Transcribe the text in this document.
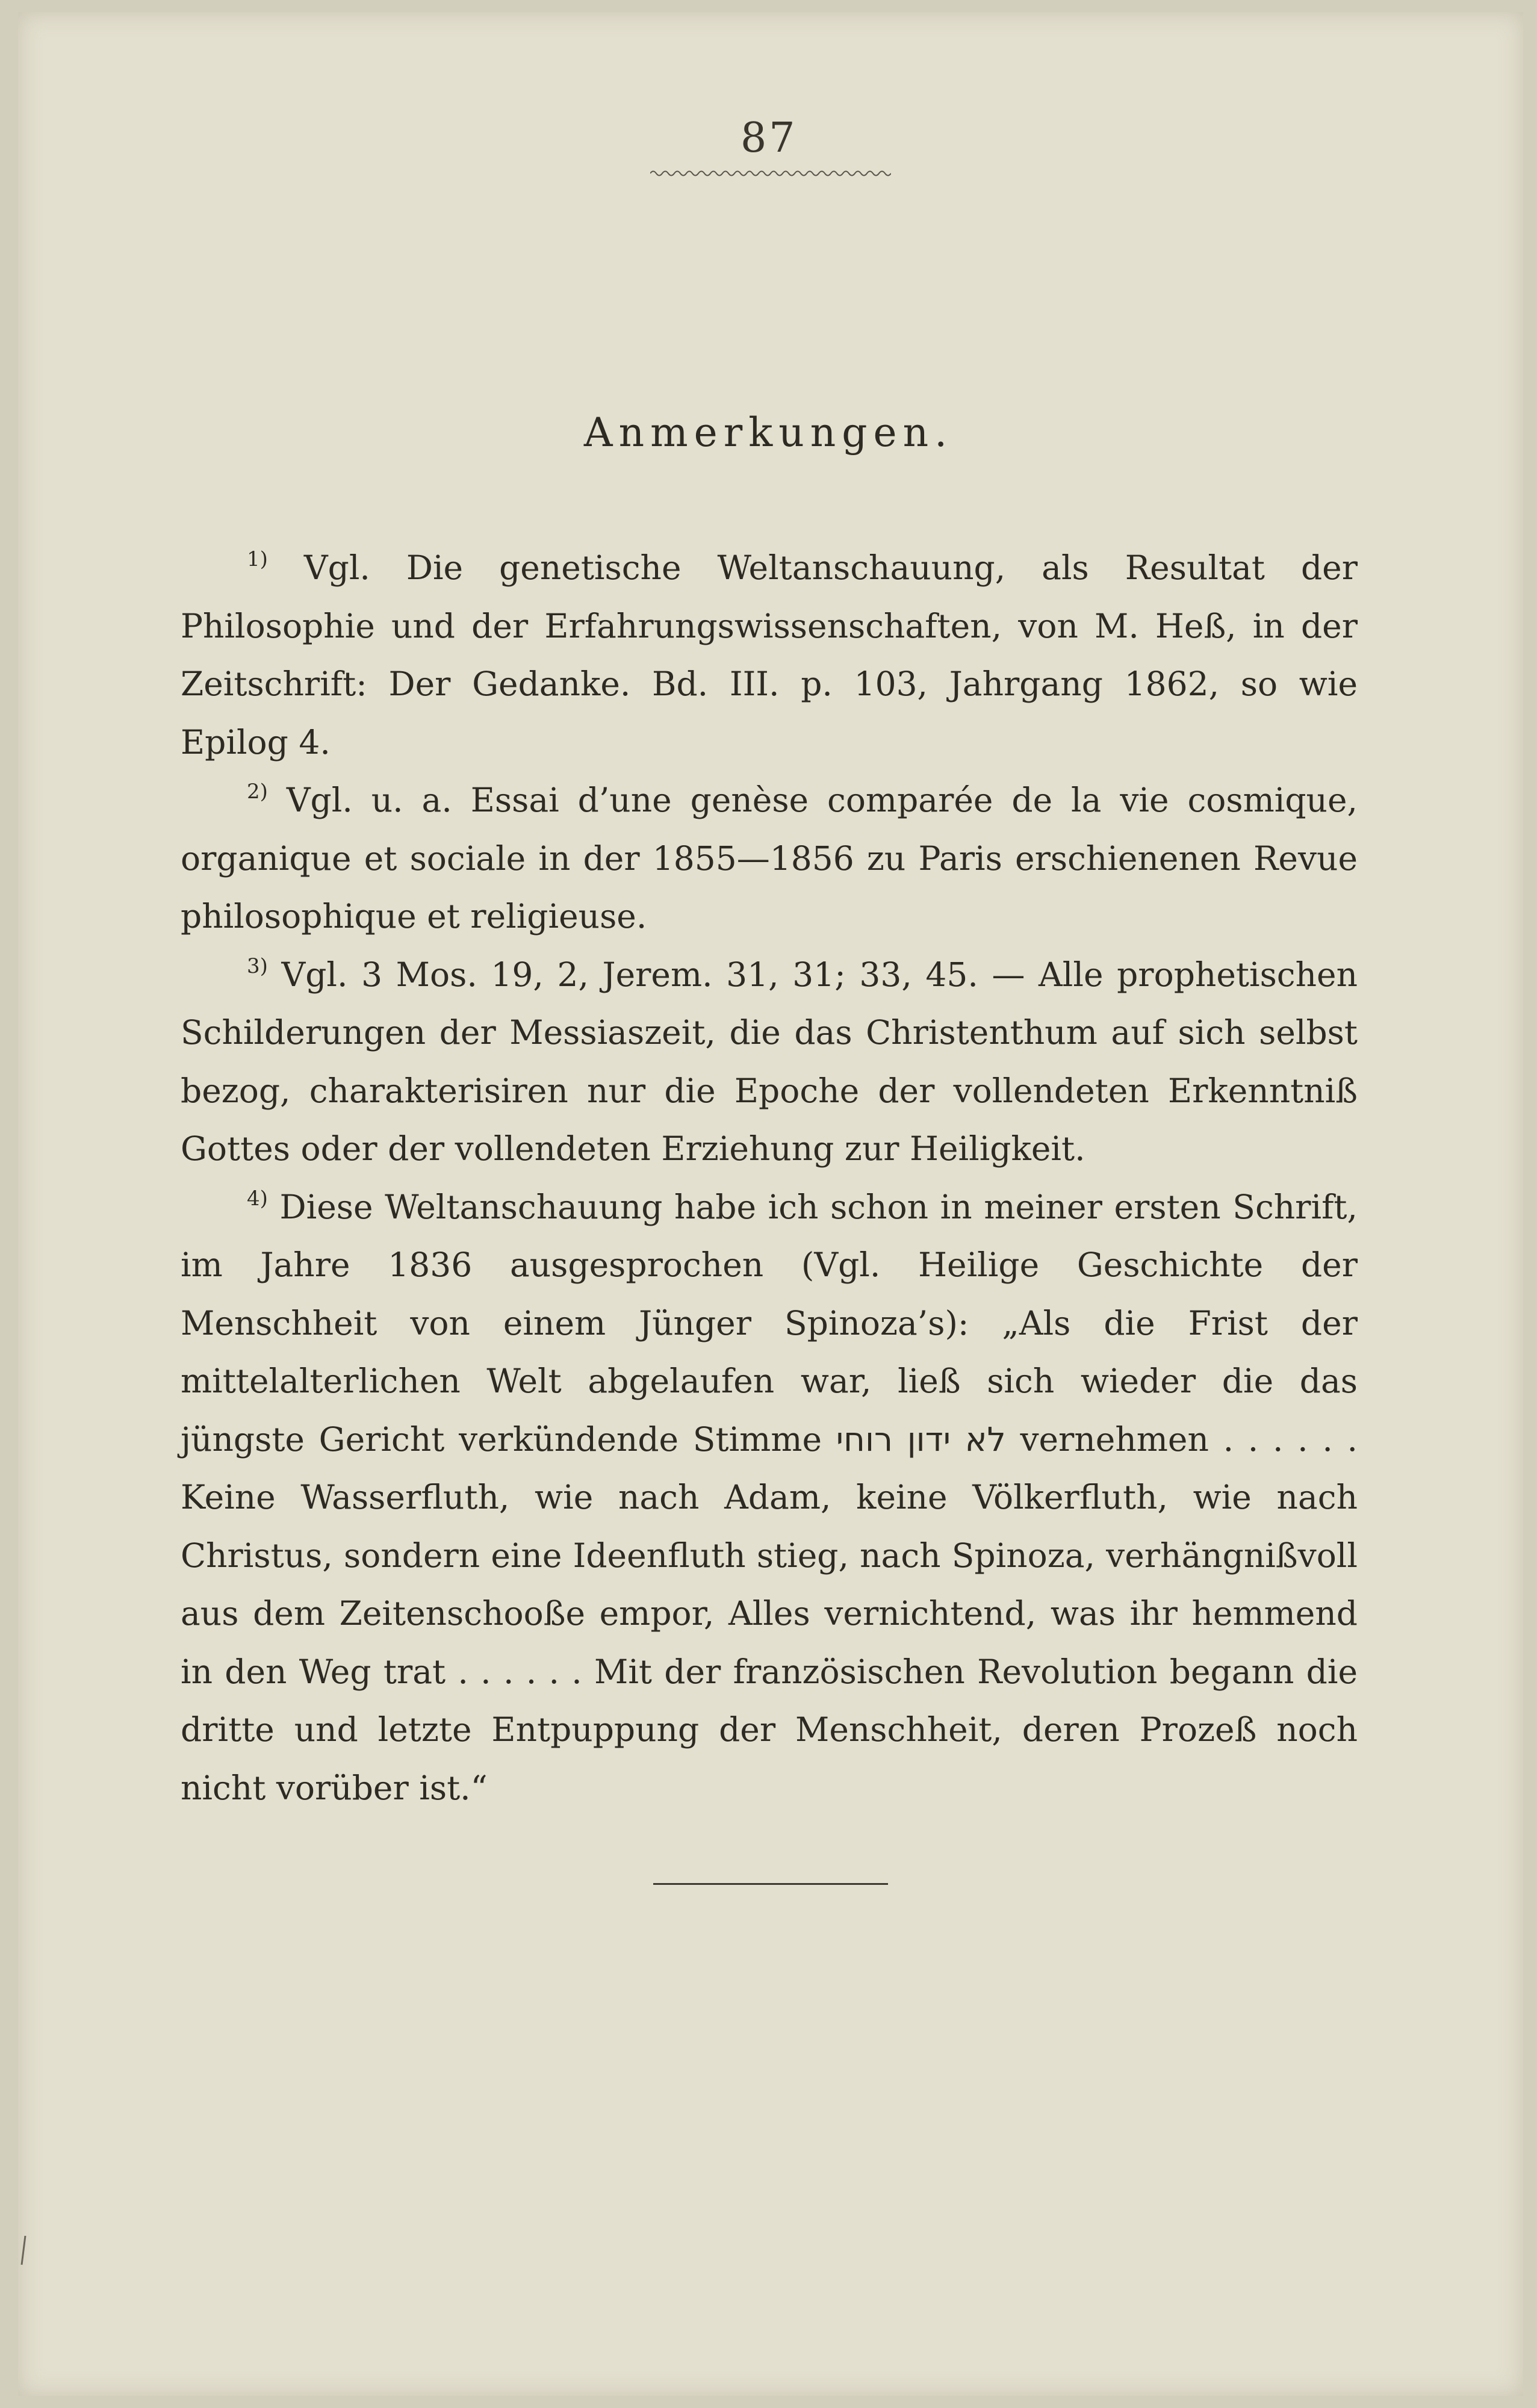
87
Anmerkungen.

$^{1)}$ Vgl. Die genetische Weltanschauung, als Resultat der Philosophie und der Erfahrungswissenschaften, von M. Heß, in der Zeitschrift: Der Gedanke. Bd. III. p. 103, Jahrgang 1862, so wie Epilog 4.

$^{2)}$ Vgl. u. a. Essai d’une genèse comparée de la vie cosmique, organique et sociale in der 1855—1856 zu Paris erschienenen Revue philosophique et religieuse.

$^{3)}$ Vgl. 3 Mos. 19, 2, Jerem. 31, 31; 33, 45. — Alle prophetischen Schilderungen der Messiaszeit, die das Christenthum auf sich selbst bezog, charakterisiren nur die Epoche der vollendeten Erkenntniß Gottes oder der vollendeten Erziehung zur Heiligkeit.

$^{4)}$ Diese Weltanschauung habe ich schon in meiner ersten Schrift, im Jahre 1836 ausgesprochen (Vgl. Heilige Geschichte der Menschheit von einem Jünger Spinoza’s): „Als die Frist der mittelalterlichen Welt abgelaufen war, ließ sich wieder die das jüngste Gericht verkündende Stimme לא ידון רוחי vernehmen . . . . . . Keine Wasserfluth, wie nach Adam, keine Völkerfluth, wie nach Christus, sondern eine Ideenfluth stieg, nach Spinoza, verhängnißvoll aus dem Zeitenschooße empor, Alles vernichtend, was ihr hemmend in den Weg trat . . . . . . Mit der französischen Revolution begann die dritte und letzte Entpuppung der Menschheit, deren Prozeß noch nicht vorüber ist.“
